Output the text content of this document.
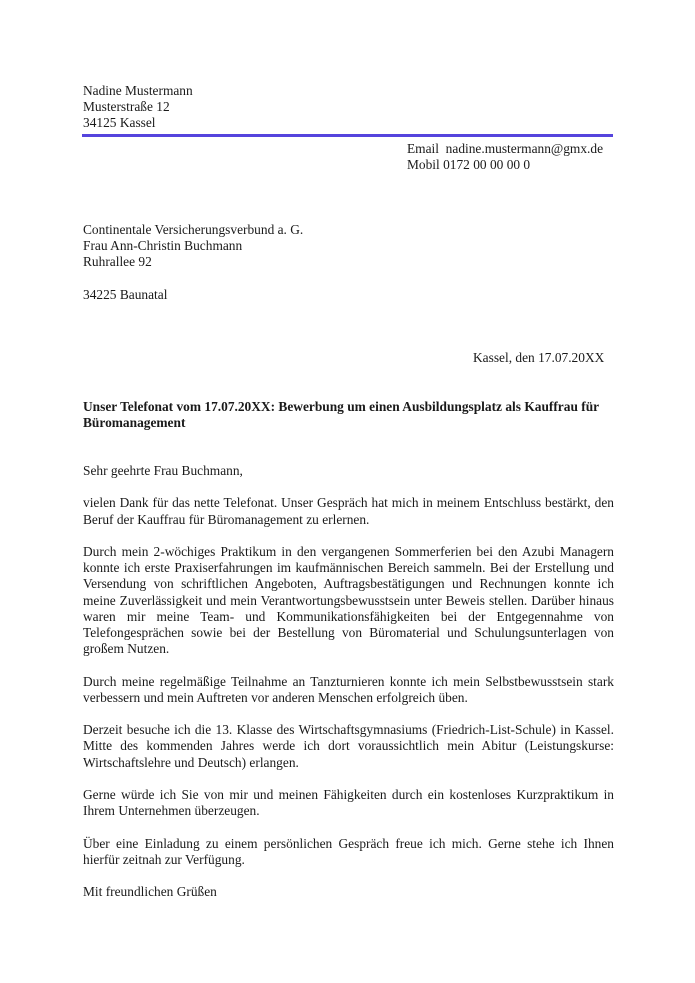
Nadine Mustermann
Musterstraße 12
34125 Kassel
Email  nadine.mustermann@gmx.de
Mobil 0172 00 00 00 0
Continentale Versicherungsverbund a. G.
Frau Ann-Christin Buchmann
Ruhrallee 92
34225 Baunatal
Kassel, den 17.07.20XX
Unser Telefonat vom 17.07.20XX: Bewerbung um einen Ausbildungsplatz als Kauffrau für Büromanagement

Sehr geehrte Frau Buchmann,

vielen Dank für das nette Telefonat. Unser Gespräch hat mich in meinem Entschluss bestärkt, den Beruf der Kauffrau für Büromanagement zu erlernen.

Durch mein 2-wöchiges Praktikum in den vergangenen Sommerferien bei den Azubi Managern konnte ich erste Praxiserfahrungen im kaufmännischen Bereich sammeln. Bei der Erstellung und Versendung von schriftlichen Angeboten, Auftragsbestätigungen und Rechnungen konnte ich meine Zuverlässigkeit und mein Verantwortungsbewusstsein unter Beweis stellen. Darüber hinaus waren mir meine Team- und Kommunikationsfähigkeiten bei der Entgegennahme von Telefongesprächen sowie bei der Bestellung von Büromaterial und Schulungsunterlagen von großem Nutzen.

Durch meine regelmäßige Teilnahme an Tanzturnieren konnte ich mein Selbstbewusstsein stark verbessern und mein Auftreten vor anderen Menschen erfolgreich üben.

Derzeit besuche ich die 13. Klasse des Wirtschaftsgymnasiums (Friedrich-List-Schule) in Kassel. Mitte des kommenden Jahres werde ich dort voraussichtlich mein Abitur (Leistungskurse: Wirtschaftslehre und Deutsch) erlangen.

Gerne würde ich Sie von mir und meinen Fähigkeiten durch ein kostenloses Kurzpraktikum in Ihrem Unternehmen überzeugen.

Über eine Einladung zu einem persönlichen Gespräch freue ich mich. Gerne stehe ich Ihnen hierfür zeitnah zur Verfügung.

Mit freundlichen Grüßen
